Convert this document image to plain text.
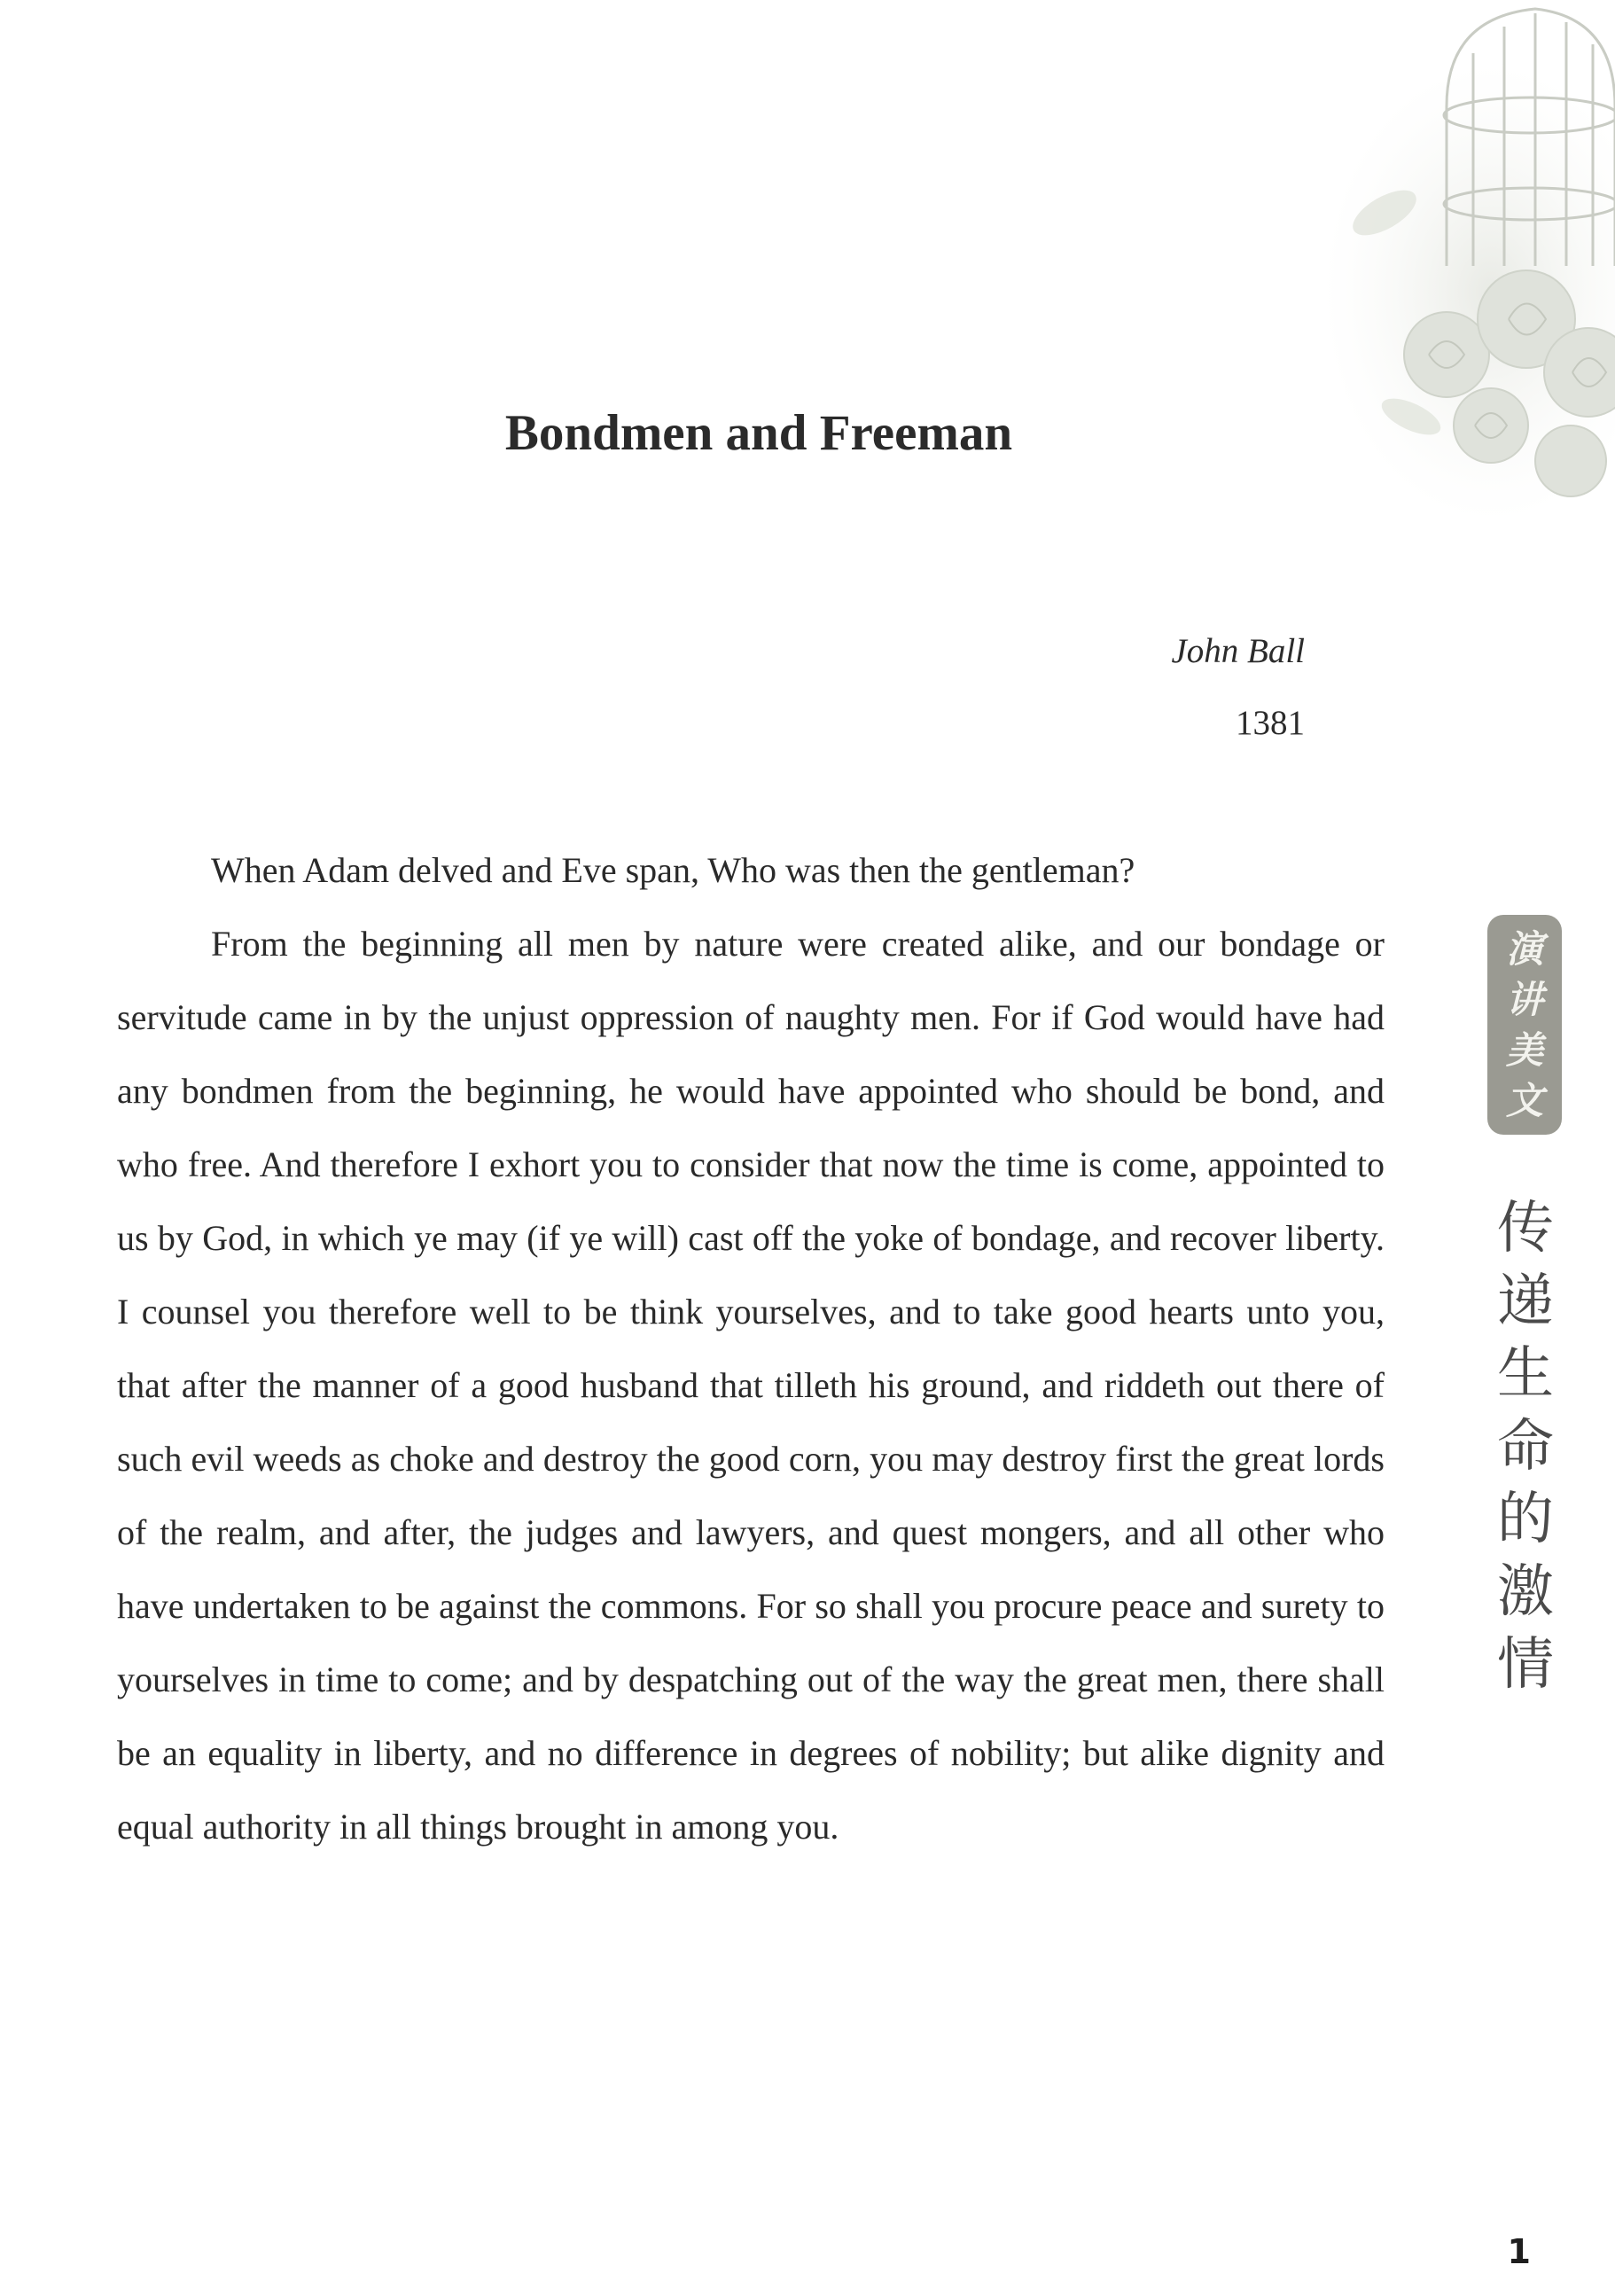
Bondmen and Freeman
John Ball
1381

When Adam delved and Eve span, Who was then the gentleman?

From the beginning all men by nature were created alike, and our bondage or servitude came in by the unjust oppression of naughty men. For if God would have had any bondmen from the beginning, he would have appointed who should be bond, and who free. And therefore I exhort you to consider that now the time is come, appointed to us by God, in which ye may (if ye will) cast off the yoke of bondage, and recover liberty. I counsel you therefore well to be think yourselves, and to take good hearts unto you, that after the manner of a good husband that tilleth his ground, and riddeth out there of such evil weeds as choke and destroy the good corn, you may destroy first the great lords of the realm, and after, the judges and lawyers, and quest mongers, and all other who have undertaken to be against the commons. For so shall you procure peace and surety to yourselves in time to come; and by despatching out of the way the great men, there shall be an equality in liberty, and no difference in degrees of nobility; but alike dignity and equal authority in all things brought in among you.

演
讲
美
文
传
递
生
命
的
激
情
1
